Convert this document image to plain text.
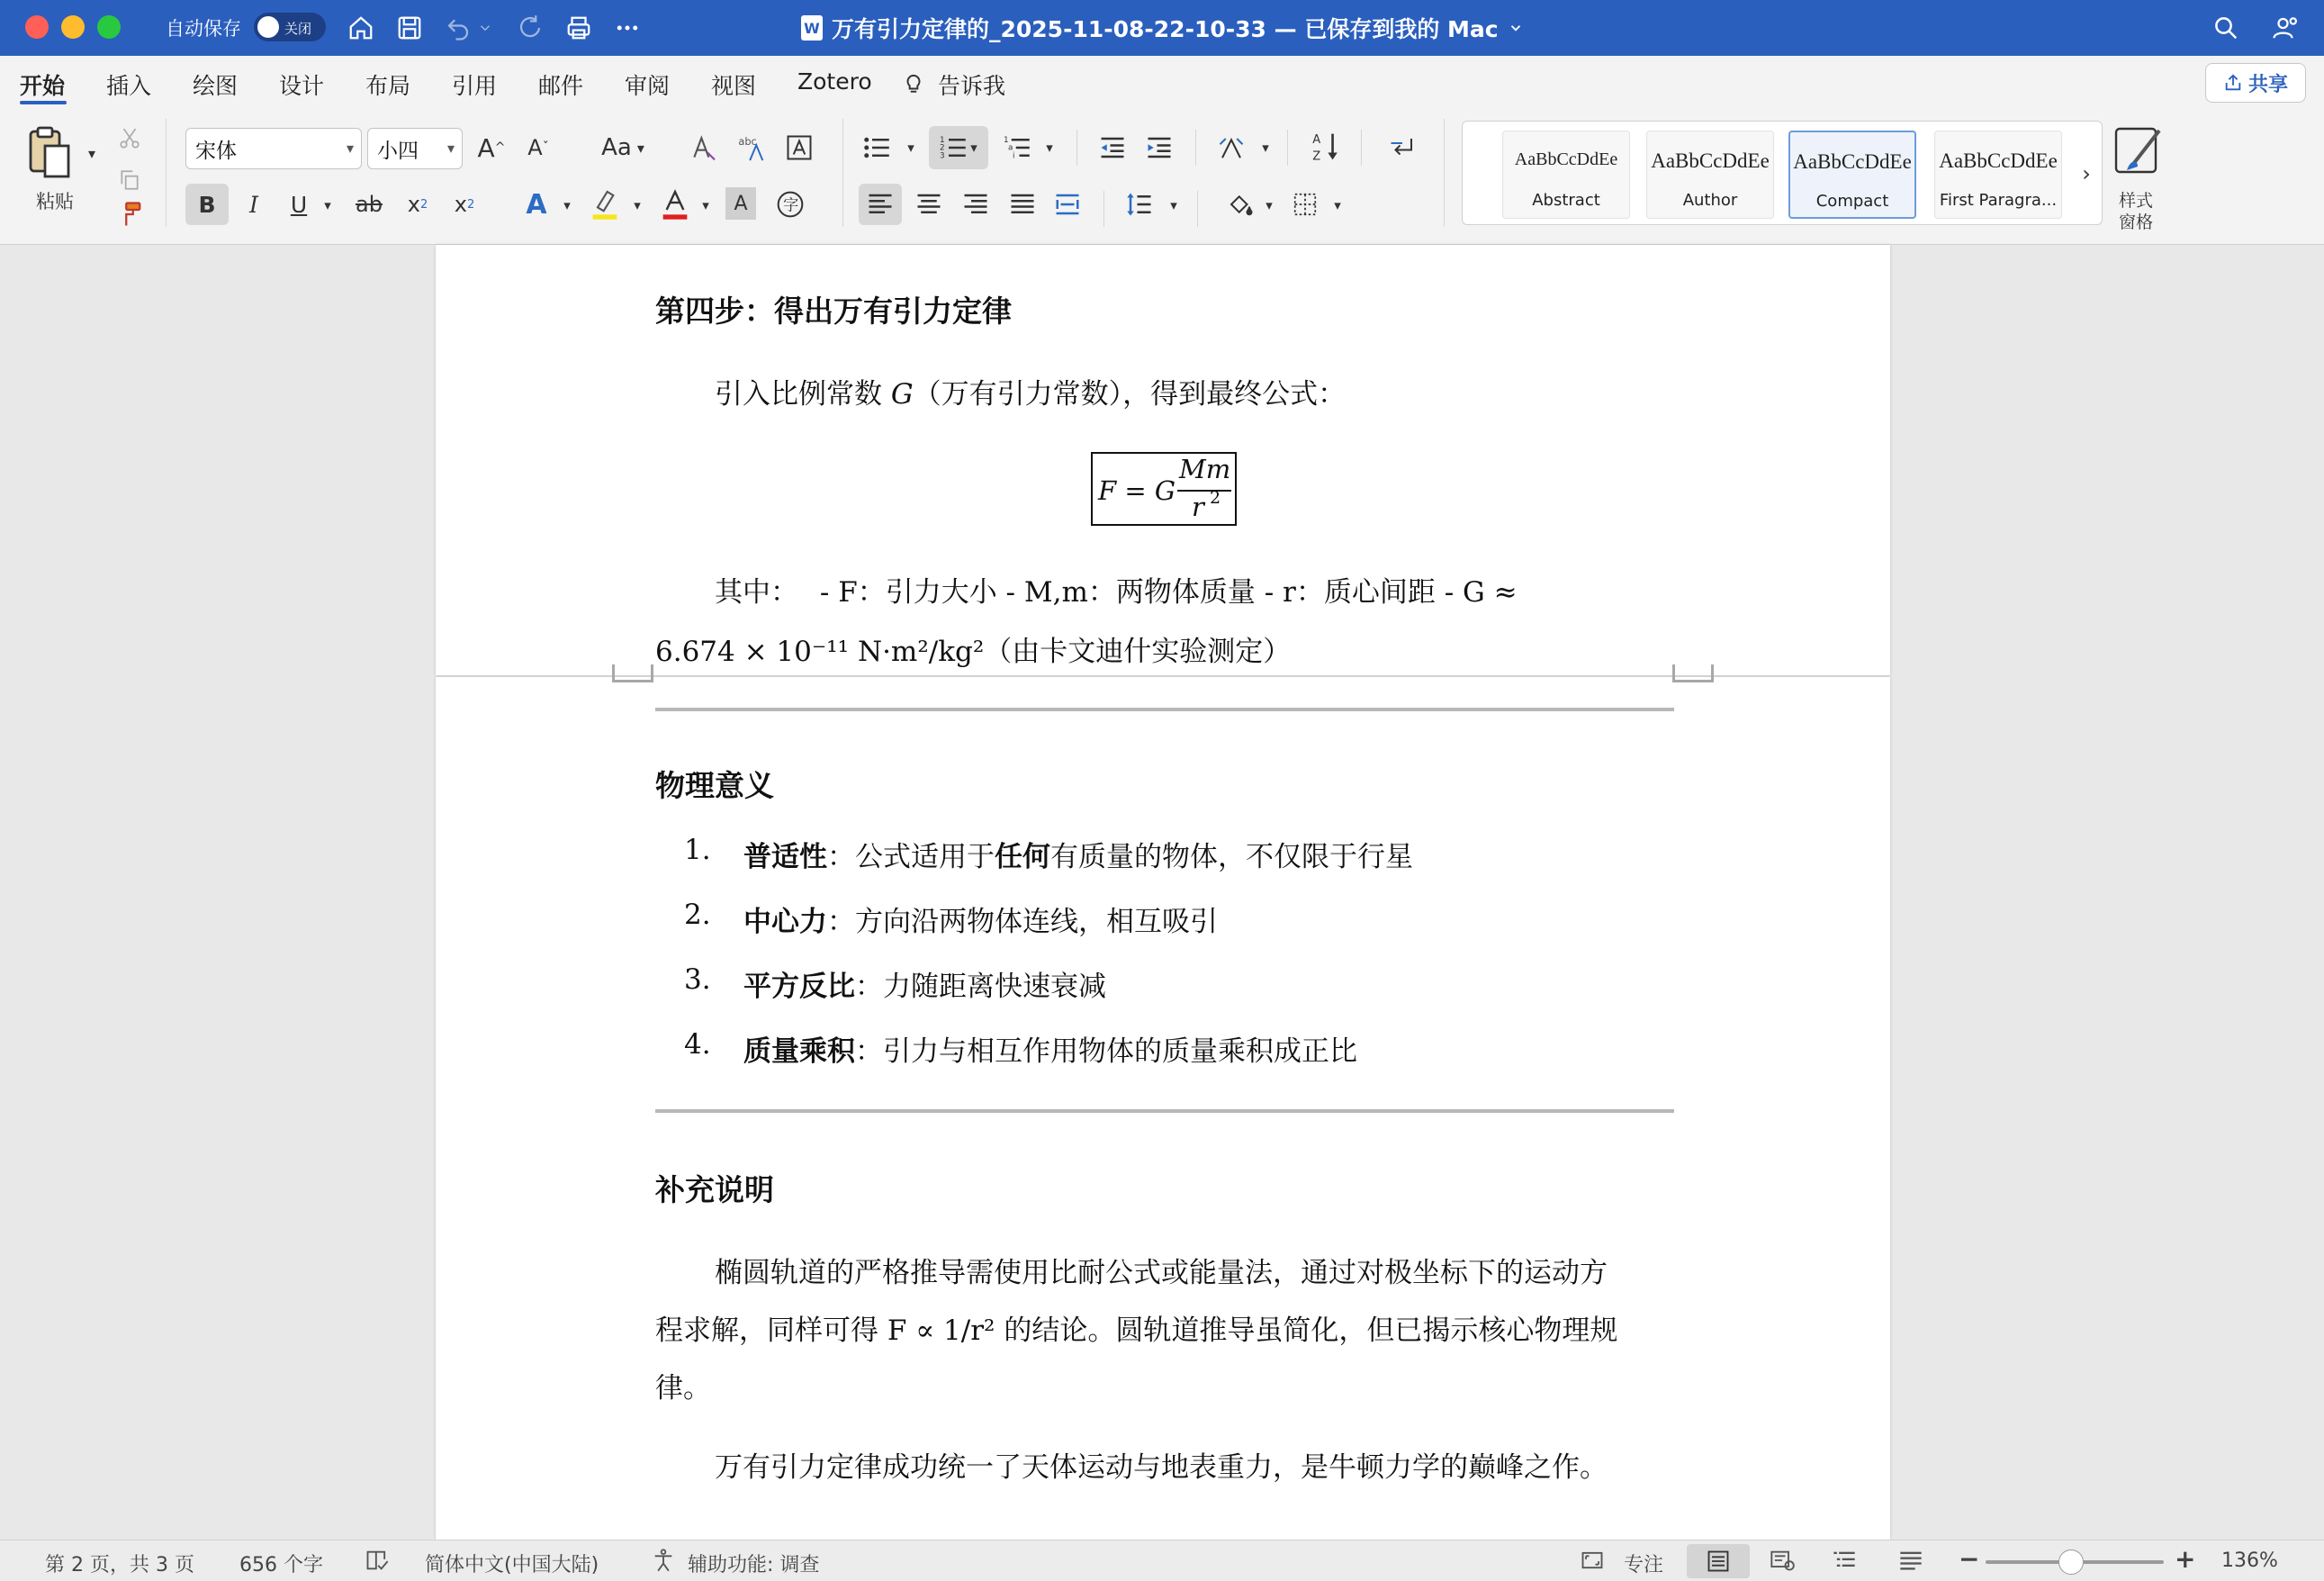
自动保存	关闭	W 万有引力定律的_2025-11-08-22-10-33 — 已保存到我的 Mac
开始 插入 绘图 设计 布局 引用 邮件 审阅 视图 Zotero	告诉我	共享
▾
粘贴
宋体	▾ 小四 ▾ A ^	A ˇ Aa ▾	abc
B I U	▾ ab x 2 x 2	A	▾	▾	▾	A	字
▾	1
2
3
▾	1
a
i
▾	▾	A
Z
▾	▾	▾
AaBbCcDdEe
Abstract
AaBbCcDdEe
Author
AaBbCcDdEe
Compact
AaBbCcDdEe
First Paragra...
›
样式
窗格
第四步：得出万有引力定律
引入比例常数 G（万有引力常数），得到最终公式：
F = G
Mm
r 2
其中： - F：引力大小 - M,m：两物体质量 - r：质心间距 - G ≈
6.674 × 10⁻¹¹ N·m²/kg²（由卡文迪什实验测定）
物理意义
1. 普适性：公式适用于任何有质量的物体，不仅限于行星
2. 中心力：方向沿两物体连线，相互吸引
3. 平方反比：力随距离快速衰减
4. 质量乘积：引力与相互作用物体的质量乘积成正比
补充说明
椭圆轨道的严格推导需使用比耐公式或能量法，通过对极坐标下的运动方
程求解，同样可得 F ∝ 1/r² 的结论。圆轨道推导虽简化，但已揭示核心物理规
律。
万有引力定律成功统一了天体运动与地表重力，是牛顿力学的巅峰之作。
第 2 页，共 3 页 656 个字	简体中文(中国大陆)	辅助功能: 调查	专注	−	+ 136%
